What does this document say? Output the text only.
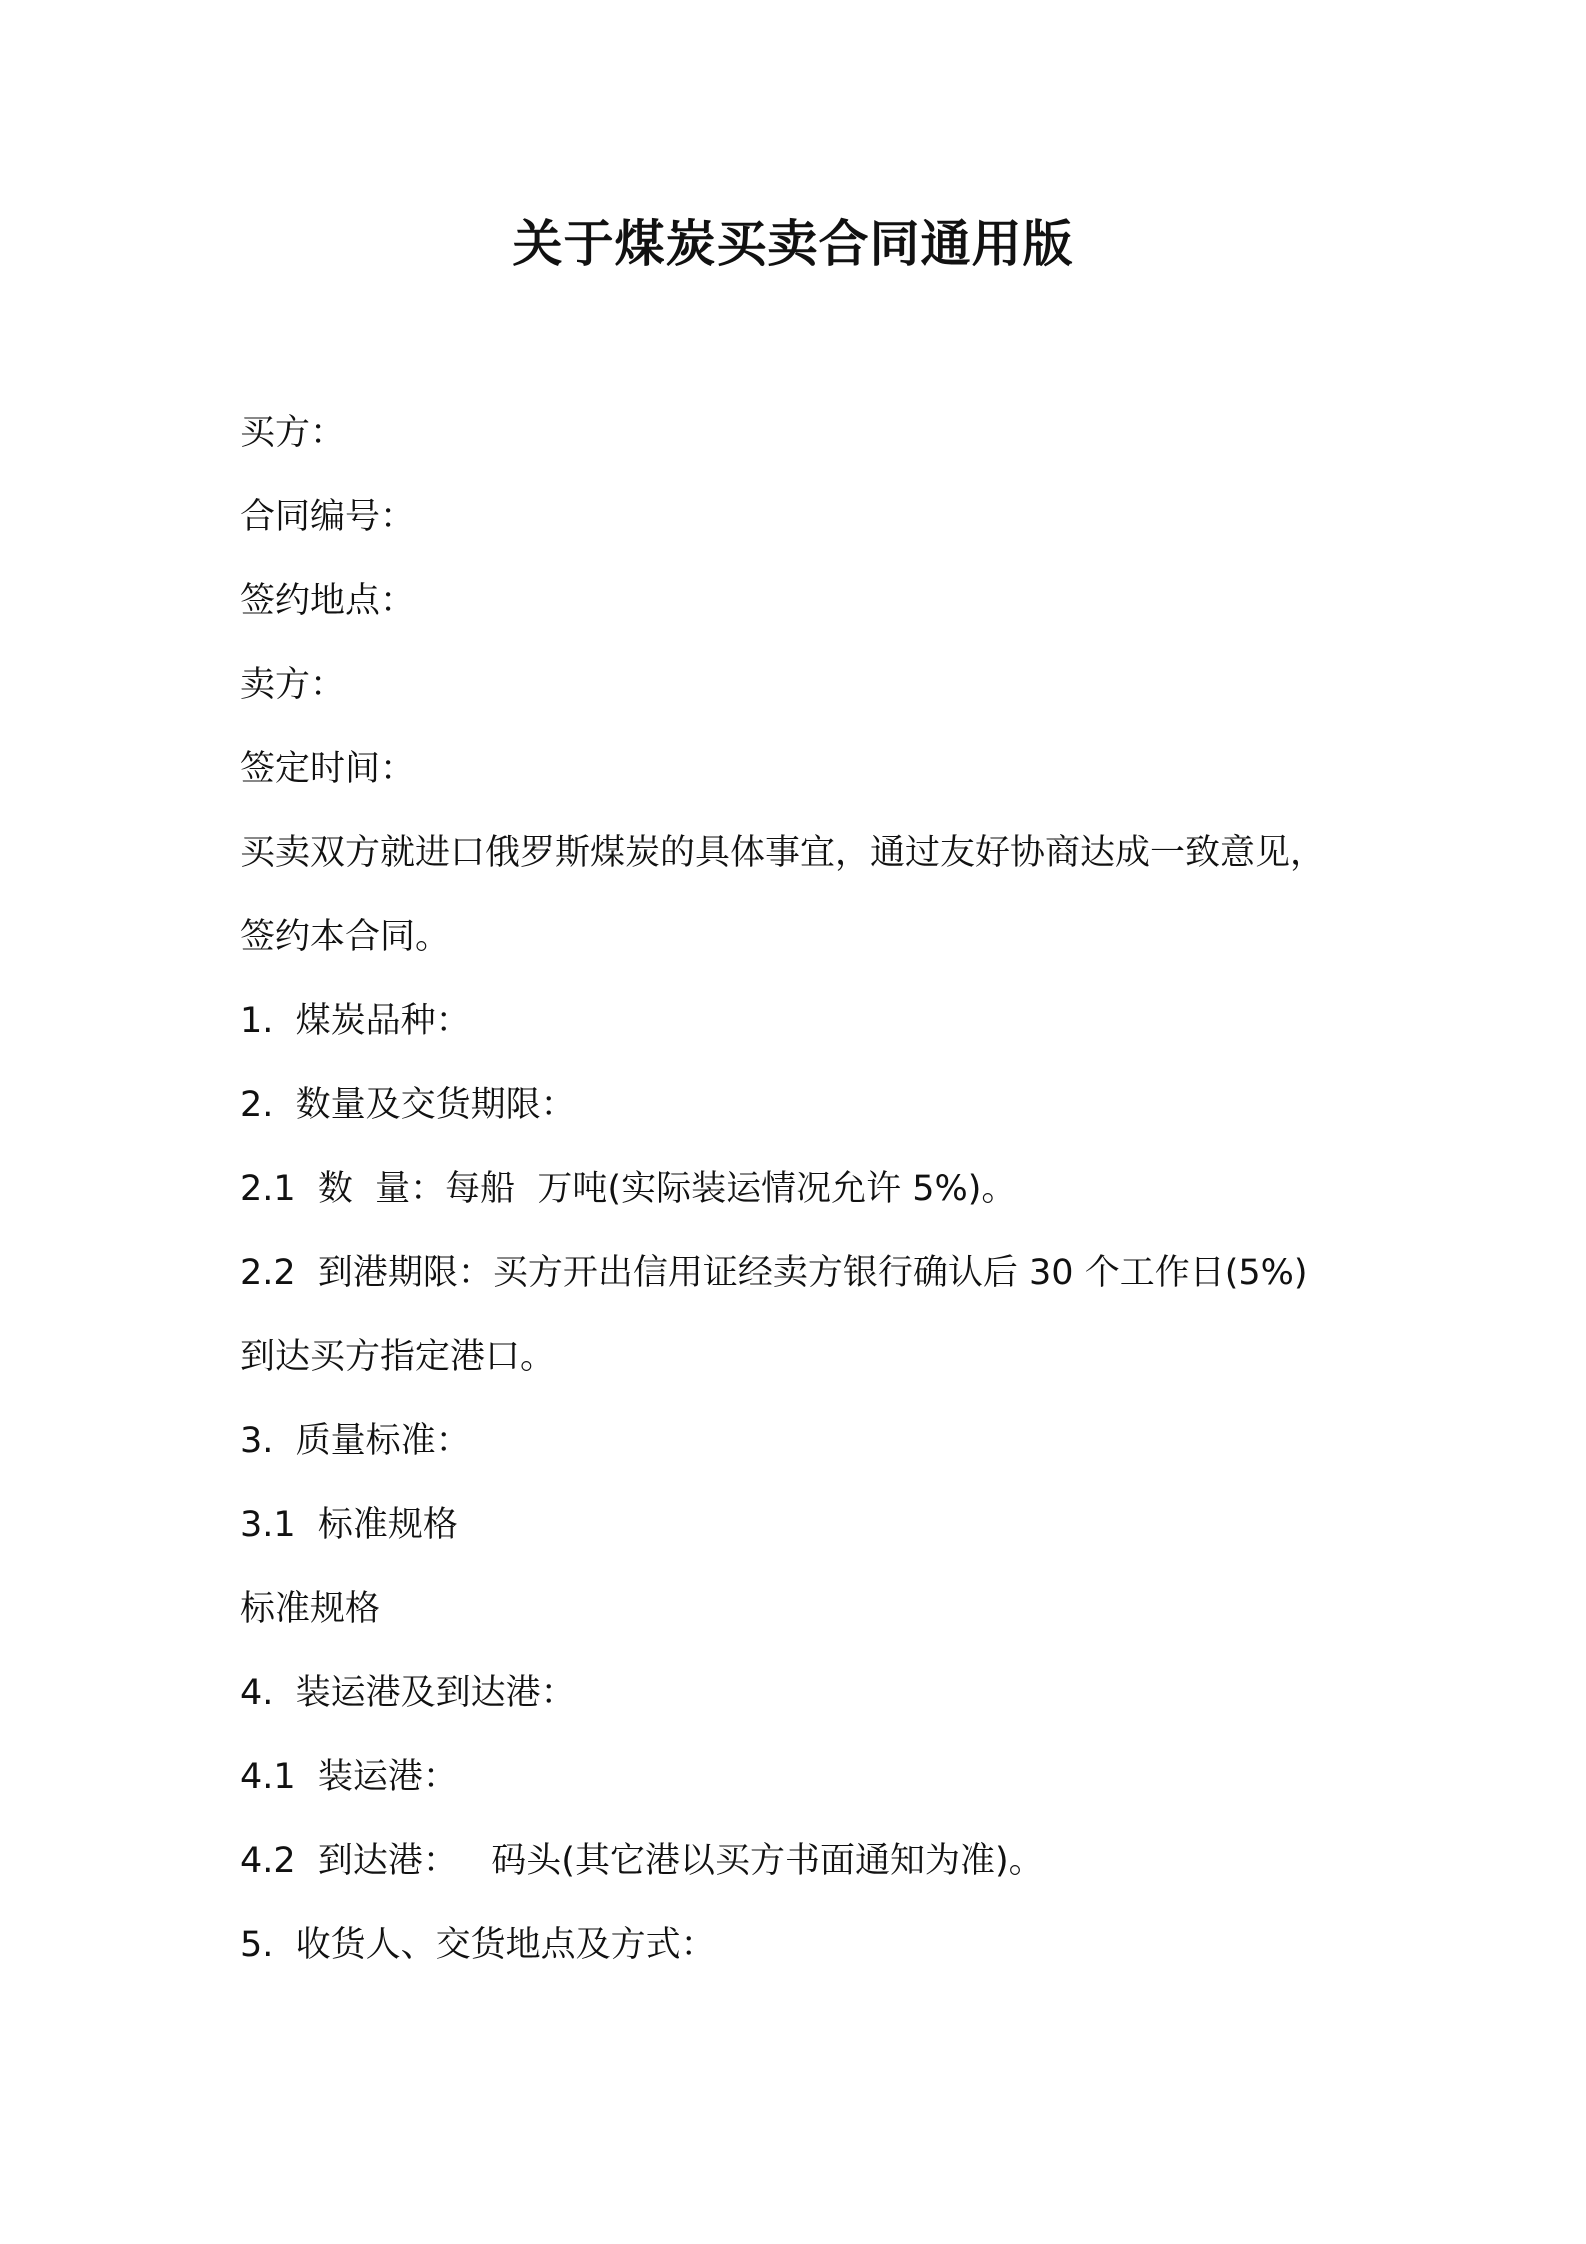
关于煤炭买卖合同通用版
买方：
合同编号：
签约地点：
卖方：
签定时间：
买卖双方就进口俄罗斯煤炭的具体事宜，通过友好协商达成一致意见，
签约本合同。
1.  煤炭品种：
2.  数量及交货期限：
2.1  数  量：每船  万吨(实际装运情况允许 5%)。
2.2  到港期限：买方开出信用证经卖方银行确认后 30 个工作日(5%)
到达买方指定港口。
3.  质量标准：
3.1  标准规格
标准规格
4.  装运港及到达港：
4.1  装运港：
4.2  到达港：   码头(其它港以买方书面通知为准)。
5.  收货人、交货地点及方式：
